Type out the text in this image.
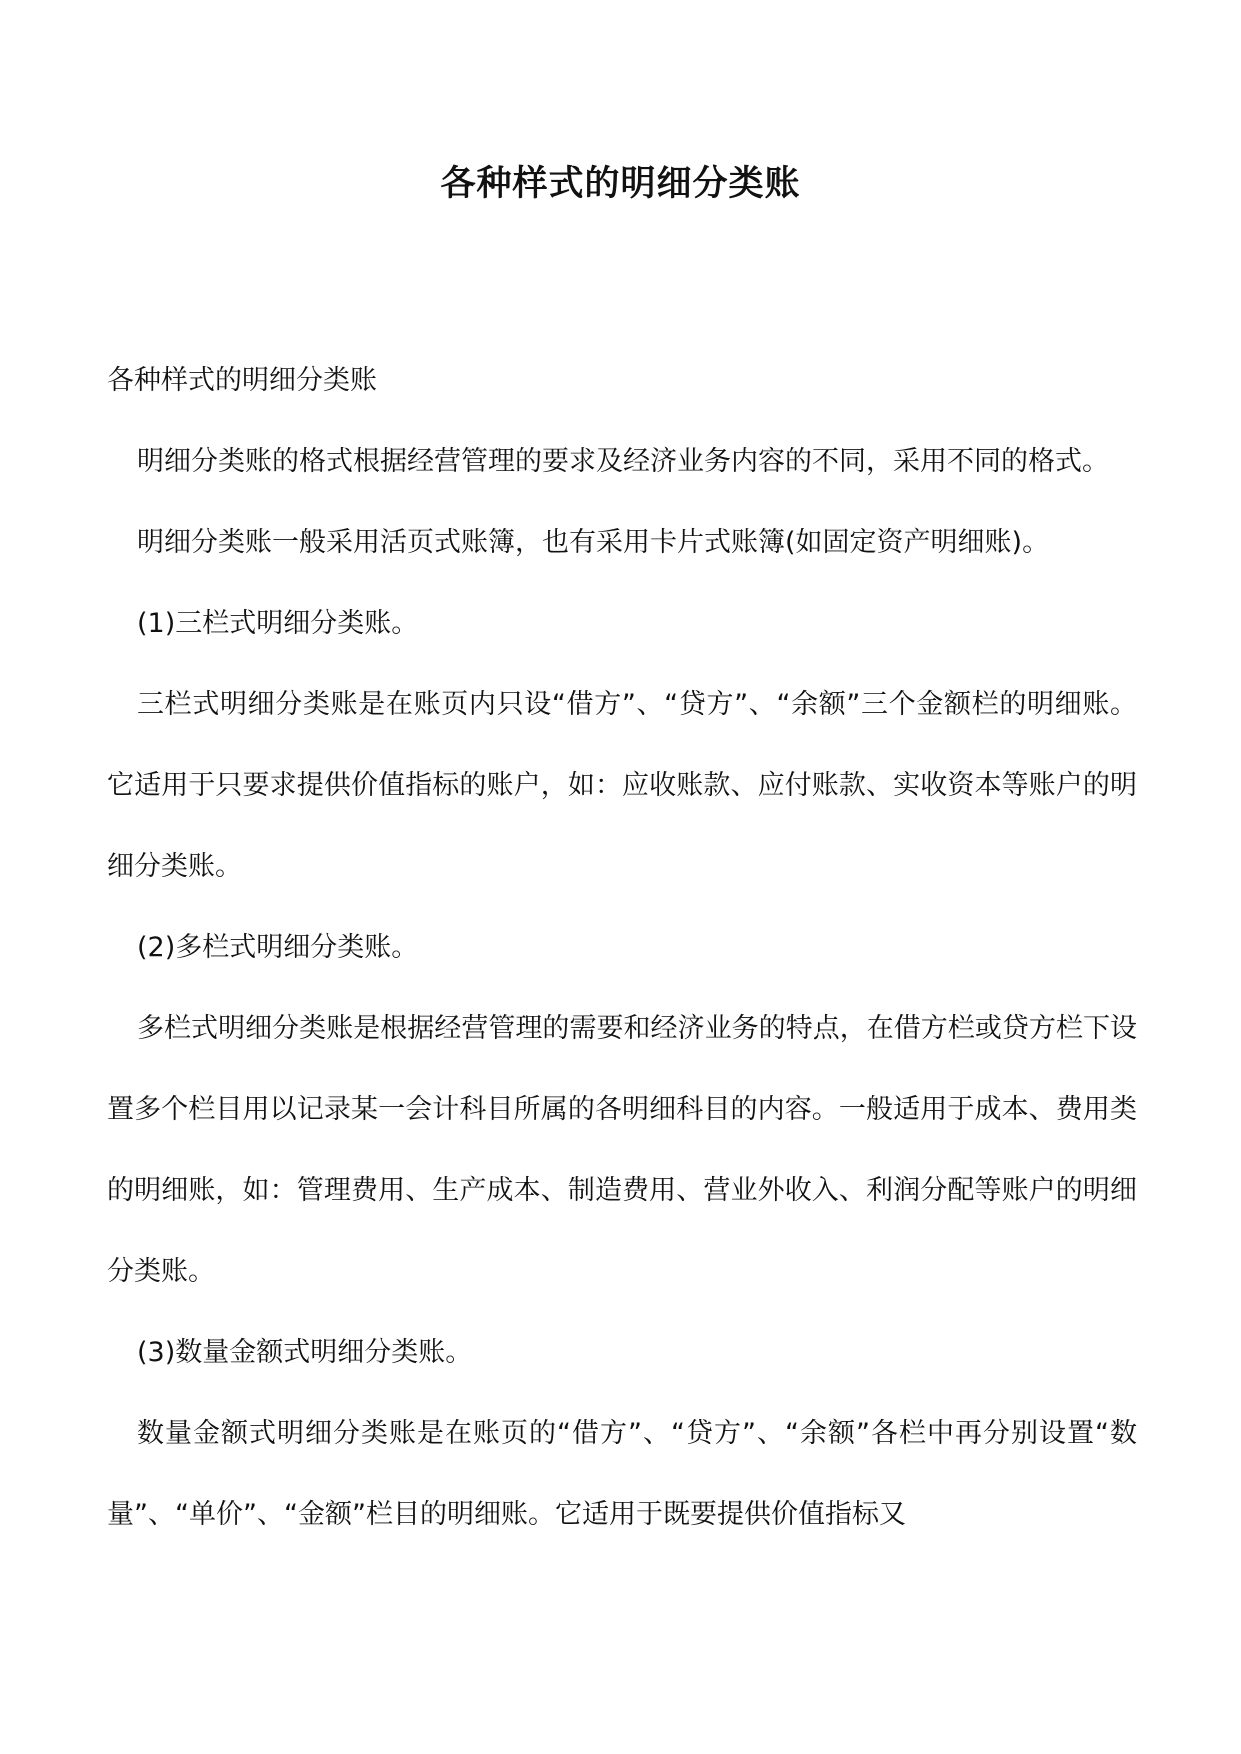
各种样式的明细分类账

各种样式的明细分类账

明细分类账的格式根据经营管理的要求及经济业务内容的不同，采用不同的格式。

明细分类账一般采用活页式账簿，也有采用卡片式账簿(如固定资产明细账)。

(1)三栏式明细分类账。

三栏式明细分类账是在账页内只设“借方”、“贷方”、“余额”三个金额栏的明细账。它适用于只要求提供价值指标的账户，如：应收账款、应付账款、实收资本等账户的明细分类账。

(2)多栏式明细分类账。

多栏式明细分类账是根据经营管理的需要和经济业务的特点，在借方栏或贷方栏下设置多个栏目用以记录某一会计科目所属的各明细科目的内容。一般适用于成本、费用类的明细账，如：管理费用、生产成本、制造费用、营业外收入、利润分配等账户的明细分类账。

(3)数量金额式明细分类账。

数量金额式明细分类账是在账页的“借方”、“贷方”、“余额”各栏中再分别设置“数量”、“单价”、“金额”栏目的明细账。它适用于既要提供价值指标又
